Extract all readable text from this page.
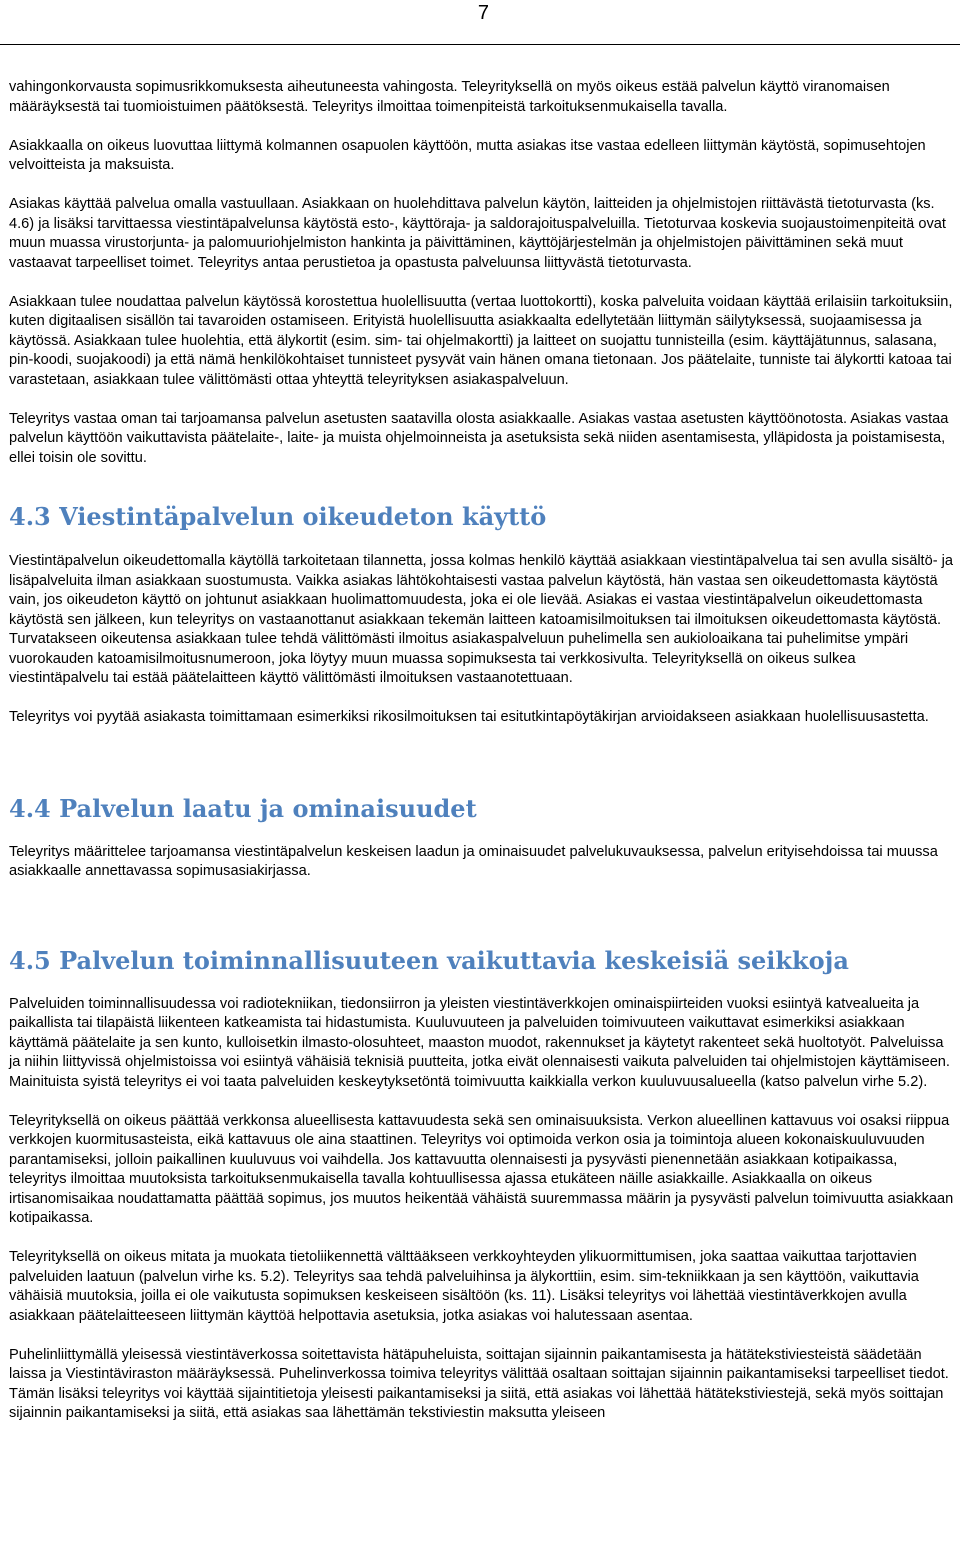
7

vahingonkorvausta sopimusrikkomuksesta aiheutuneesta vahingosta. Teleyrityksellä on myös oikeus estää palvelun käyttö viranomaisen määräyksestä tai tuomioistuimen päätöksestä. Teleyritys ilmoittaa toimenpiteistä tarkoituksenmukaisella tavalla.

Asiakkaalla on oikeus luovuttaa liittymä kolmannen osapuolen käyttöön, mutta asiakas itse vastaa edelleen liittymän käytöstä, sopimusehtojen velvoitteista ja maksuista.

Asiakas käyttää palvelua omalla vastuullaan. Asiakkaan on huolehdittava palvelun käytön, laitteiden ja ohjelmistojen riittävästä tietoturvasta (ks. 4.6) ja lisäksi tarvittaessa viestintäpalvelunsa käytöstä esto-, käyttöraja- ja saldorajoituspalveluilla. Tietoturvaa koskevia suojaustoimenpiteitä ovat muun muassa virustorjunta- ja palomuuriohjelmiston hankinta ja päivittäminen, käyttöjärjestelmän ja ohjelmistojen päivittäminen sekä muut vastaavat tarpeelliset toimet. Teleyritys antaa perustietoa ja opastusta palveluunsa liittyvästä tietoturvasta.

Asiakkaan tulee noudattaa palvelun käytössä korostettua huolellisuutta (vertaa luottokortti), koska palveluita voidaan käyttää erilaisiin tarkoituksiin, kuten digitaalisen sisällön tai tavaroiden ostamiseen. Erityistä huolellisuutta asiakkaalta edellytetään liittymän säilytyksessä, suojaamisessa ja käytössä. Asiakkaan tulee huolehtia, että älykortit (esim. sim- tai ohjelmakortti) ja laitteet on suojattu tunnisteilla (esim. käyttäjätunnus, salasana, pin-koodi, suojakoodi) ja että nämä henkilökohtaiset tunnisteet pysyvät vain hänen omana tietonaan. Jos päätelaite, tunniste tai älykortti katoaa tai varastetaan, asiakkaan tulee välittömästi ottaa yhteyttä teleyrityksen asiakaspalveluun.

Teleyritys vastaa oman tai tarjoamansa palvelun asetusten saatavilla olosta asiakkaalle. Asiakas vastaa asetusten käyttöönotosta. Asiakas vastaa palvelun käyttöön vaikuttavista päätelaite-, laite- ja muista ohjelmoinneista ja asetuksista sekä niiden asentamisesta, ylläpidosta ja poistamisesta, ellei toisin ole sovittu.

4.3 Viestintäpalvelun oikeudeton käyttö

Viestintäpalvelun oikeudettomalla käytöllä tarkoitetaan tilannetta, jossa kolmas henkilö käyttää asiakkaan viestintäpalvelua tai sen avulla sisältö- ja lisäpalveluita ilman asiakkaan suostumusta. Vaikka asiakas lähtökohtaisesti vastaa palvelun käytöstä, hän vastaa sen oikeudettomasta käytöstä vain, jos oikeudeton käyttö on johtunut asiakkaan huolimattomuudesta, joka ei ole lievää. Asiakas ei vastaa viestintäpalvelun oikeudettomasta käytöstä sen jälkeen, kun teleyritys on vastaanottanut asiakkaan tekemän laitteen katoamisilmoituksen tai ilmoituksen oikeudettomasta käytöstä. Turvatakseen oikeutensa asiakkaan tulee tehdä välittömästi ilmoitus asiakaspalveluun puhelimella sen aukioloaikana tai puhelimitse ympäri vuorokauden katoamisilmoitusnumeroon, joka löytyy muun muassa sopimuksesta tai verkkosivulta. Teleyrityksellä on oikeus sulkea viestintäpalvelu tai estää päätelaitteen käyttö välittömästi ilmoituksen vastaanotettuaan.

Teleyritys voi pyytää asiakasta toimittamaan esimerkiksi rikosilmoituksen tai esitutkintapöytäkirjan arvioidakseen asiakkaan huolellisuusastetta.

4.4 Palvelun laatu ja ominaisuudet

Teleyritys määrittelee tarjoamansa viestintäpalvelun keskeisen laadun ja ominaisuudet palvelukuvauksessa, palvelun erityisehdoissa tai muussa asiakkaalle annettavassa sopimusasiakirjassa.

4.5 Palvelun toiminnallisuuteen vaikuttavia keskeisiä seikkoja

Palveluiden toiminnallisuudessa voi radiotekniikan, tiedonsiirron ja yleisten viestintäverkkojen ominaispiirteiden vuoksi esiintyä katvealueita ja paikallista tai tilapäistä liikenteen katkeamista tai hidastumista. Kuuluvuuteen ja palveluiden toimivuuteen vaikuttavat esimerkiksi asiakkaan käyttämä päätelaite ja sen kunto, kulloisetkin ilmasto-olosuhteet, maaston muodot, rakennukset ja käytetyt rakenteet sekä huoltotyöt. Palveluissa ja niihin liittyvissä ohjelmistoissa voi esiintyä vähäisiä teknisiä puutteita, jotka eivät olennaisesti vaikuta palveluiden tai ohjelmistojen käyttämiseen. Mainituista syistä teleyritys ei voi taata palveluiden keskeytyksetöntä toimivuutta kaikkialla verkon kuuluvuusalueella (katso palvelun virhe 5.2).

Teleyrityksellä on oikeus päättää verkkonsa alueellisesta kattavuudesta sekä sen ominaisuuksista. Verkon alueellinen kattavuus voi osaksi riippua verkkojen kuormitusasteista, eikä kattavuus ole aina staattinen. Teleyritys voi optimoida verkon osia ja toimintoja alueen kokonaiskuuluvuuden parantamiseksi, jolloin paikallinen kuuluvuus voi vaihdella. Jos kattavuutta olennaisesti ja pysyvästi pienennetään asiakkaan kotipaikassa, teleyritys ilmoittaa muutoksista tarkoituksenmukaisella tavalla kohtuullisessa ajassa etukäteen näille asiakkaille. Asiakkaalla on oikeus irtisanomisaikaa noudattamatta päättää sopimus, jos muutos heikentää vähäistä suuremmassa määrin ja pysyvästi palvelun toimivuutta asiakkaan kotipaikassa.

Teleyrityksellä on oikeus mitata ja muokata tietoliikennettä välttääkseen verkkoyhteyden ylikuormittumisen, joka saattaa vaikuttaa tarjottavien palveluiden laatuun (palvelun virhe ks. 5.2). Teleyritys saa tehdä palveluihinsa ja älykorttiin, esim. sim-tekniikkaan ja sen käyttöön, vaikuttavia vähäisiä muutoksia, joilla ei ole vaikutusta sopimuksen keskeiseen sisältöön (ks. 11). Lisäksi teleyritys voi lähettää viestintäverkkojen avulla asiakkaan päätelaitteeseen liittymän käyttöä helpottavia asetuksia, jotka asiakas voi halutessaan asentaa.

Puhelinliittymällä yleisessä viestintäverkossa soitettavista hätäpuheluista, soittajan sijainnin paikantamisesta ja hätätekstiviesteistä säädetään laissa ja Viestintäviraston määräyksessä. Puhelinverkossa toimiva teleyritys välittää osaltaan soittajan sijainnin paikantamiseksi tarpeelliset tiedot. Tämän lisäksi teleyritys voi käyttää sijaintitietoja yleisesti paikantamiseksi ja siitä, että asiakas voi lähettää hätätekstiviestejä, sekä myös soittajan sijainnin paikantamiseksi ja siitä, että asiakas saa lähettämän tekstiviestin maksutta yleiseen
